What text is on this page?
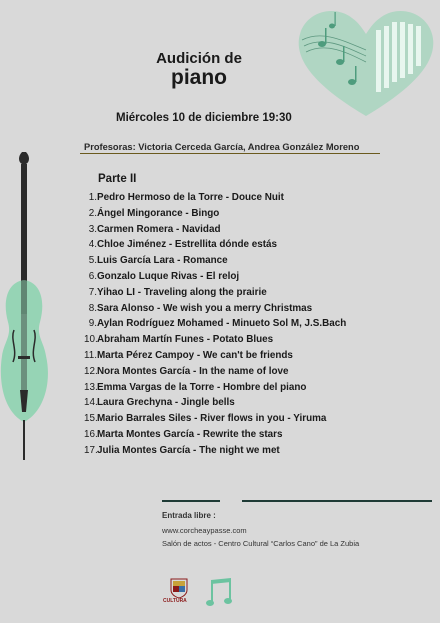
Audición de
piano
Miércoles 10 de diciembre 19:30
Profesoras: Victoria Cerceda García, Andrea González Moreno
Parte II
1.Pedro Hermoso de la Torre - Douce Nuit
2.Ángel Mingorance - Bingo
3.Carmen Romera - Navidad
4.Chloe Jiménez - Estrellita dónde estás
5.Luis García Lara - Romance
6.Gonzalo Luque Rivas - El reloj
7.Yihao LI - Traveling along the prairie
8.Sara Alonso - We wish you a merry Christmas
9.Aylan Rodríguez Mohamed - Minueto Sol M, J.S.Bach
10.Abraham Martín Funes - Potato Blues
11.Marta Pérez Campoy - We can't be friends
12.Nora Montes García - In the name of love
13.Emma Vargas de la Torre - Hombre del piano
14.Laura Grechyna - Jingle bells
15.Mario Barrales Siles - River flows in you - Yiruma
16.Marta Montes García - Rewrite the stars
17.Julia Montes García - The night we met
Entrada libre :
www.corcheaypasse.com
Salón de actos - Centro Cultural “Carlos Cano” de La Zubia
CULTURA
